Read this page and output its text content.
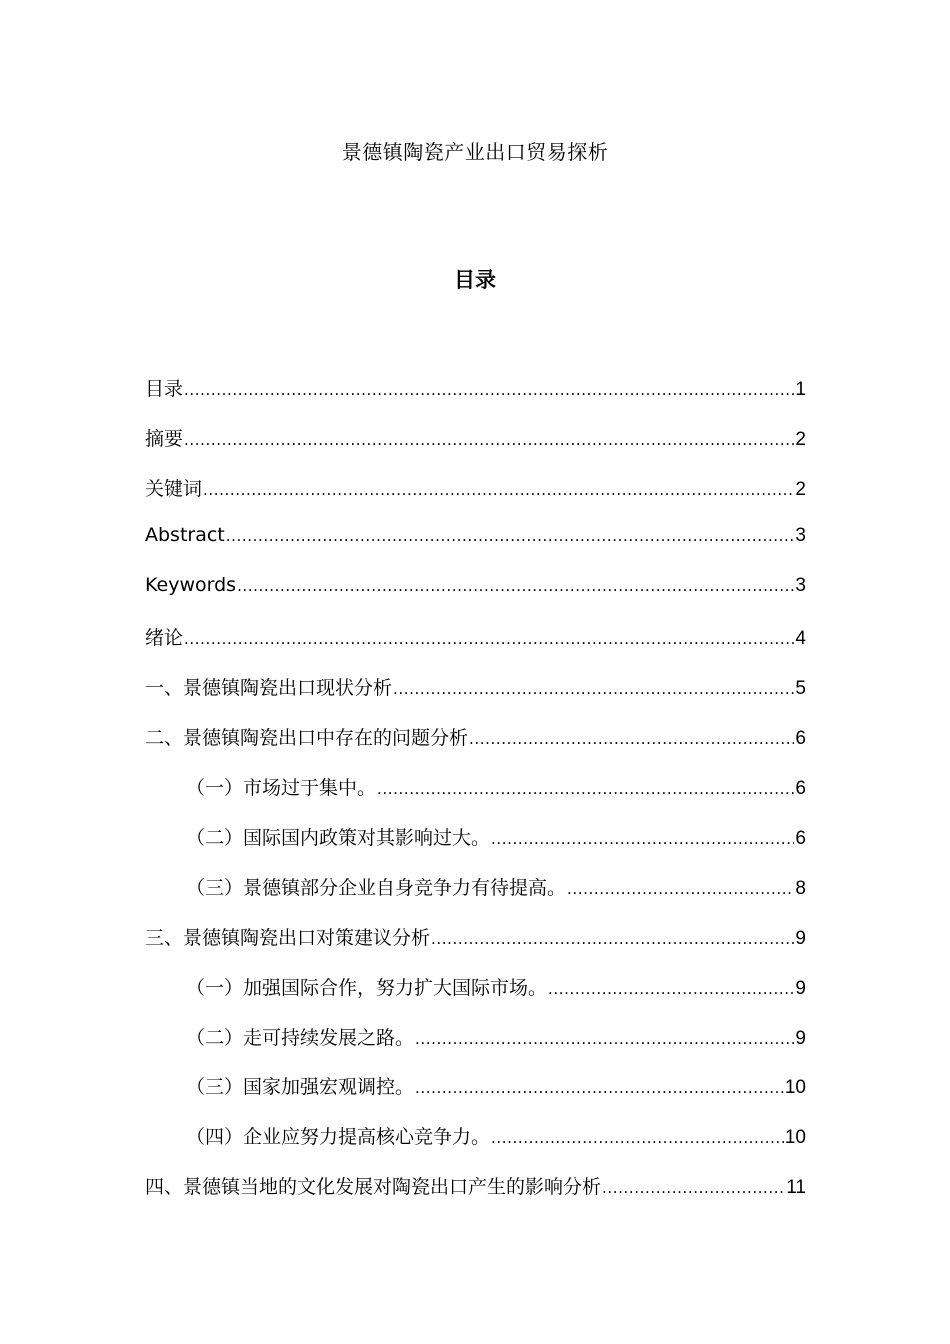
景德镇陶瓷产业出口贸易探析
目录
目录 .....	1
摘要 .....	2
关键词 .....	2
Abstract .....	3
Keywords .....	3
绪论 .....	4
一、景德镇陶瓷出口现状分析 .....	5
二、景德镇陶瓷出口中存在的问题分析 .....	6
（一）市场过于集中。 .....	6
（二）国际国内政策对其影响过大。 .....	6
（三）景德镇部分企业自身竞争力有待提高。 .....	8
三、景德镇陶瓷出口对策建议分析 .....	9
（一）加强国际合作，努力扩大国际市场。 .....	9
（二）走可持续发展之路。 .....	9
（三）国家加强宏观调控。 .....	10
（四）企业应努力提高核心竞争力。 .....	10
四、景德镇当地的文化发展对陶瓷出口产生的影响分析 .....	11
